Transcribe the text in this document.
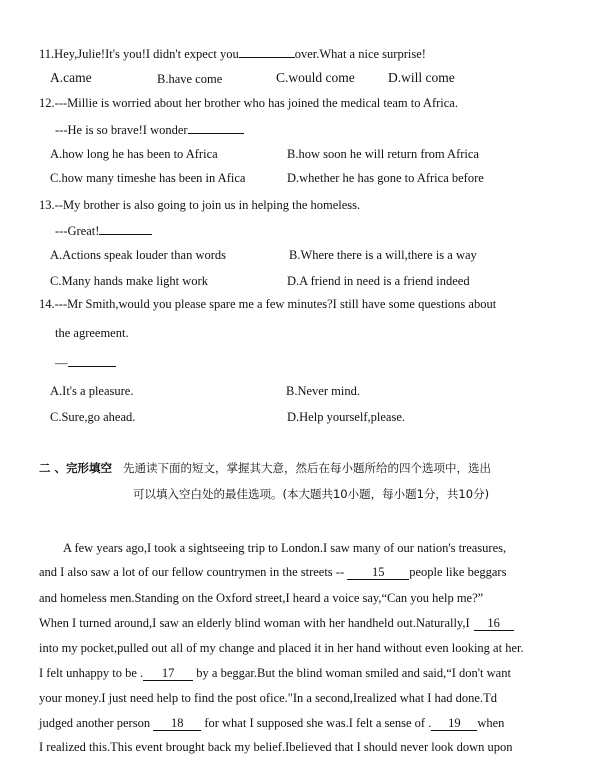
11.Hey,Julie!It's you!I didn't expect you	over.What a nice surprise!
A.came	B.have come	C.would come D.will come
12.---Millie is worried about her brother who has joined the medical team to Africa.
---He is so brave!I wonder
A.how long he has been to Africa	B.how soon he will return from Africa
C.how many timeshe has been in Afica	D.whether he has gone to Africa before
13.--My brother is also going to join us in helping the homeless.
---Great!
A.Actions speak louder than words	B.Where there is a will,there is a way
C.Many hands make light work	D.A friend in need is a friend indeed
14.---Mr Smith,would you please spare me a few minutes?I still have some questions about
the agreement.
—
A.It's a pleasure.	B.Never mind.
C.Sure,go ahead.	D.Help yourself,please.
二 、完形填空 先通读下面的短文，掌握其大意，然后在每小题所给的四个选项中，选出
可以填入空白处的最佳选项。(本大题共10小题，每小题1分，共10分)
A few years ago,I took a sightseeing trip to London.I saw many of our nation's treasures,
and I also saw a lot of our fellow countrymen in the streets -- 15 people like beggars
and homeless men.Standing on the Oxford street,I heard a voice say,“Can you help me?”
When I turned around,I saw an elderly blind woman with her handheld out.Naturally,I 16
into my pocket,pulled out all of my change and placed it in her hand without even looking at her.
I felt unhappy to be . 17 by a beggar.But the blind woman smiled and said,“I don't want
your money.I just need help to find the post ofice."In a second,Irealized what I had done.Td
judged another person 18 for what I supposed she was.I felt a sense of . 19 when
I realized this.This event brought back my belief.Ibelieved that I should never look down upon
